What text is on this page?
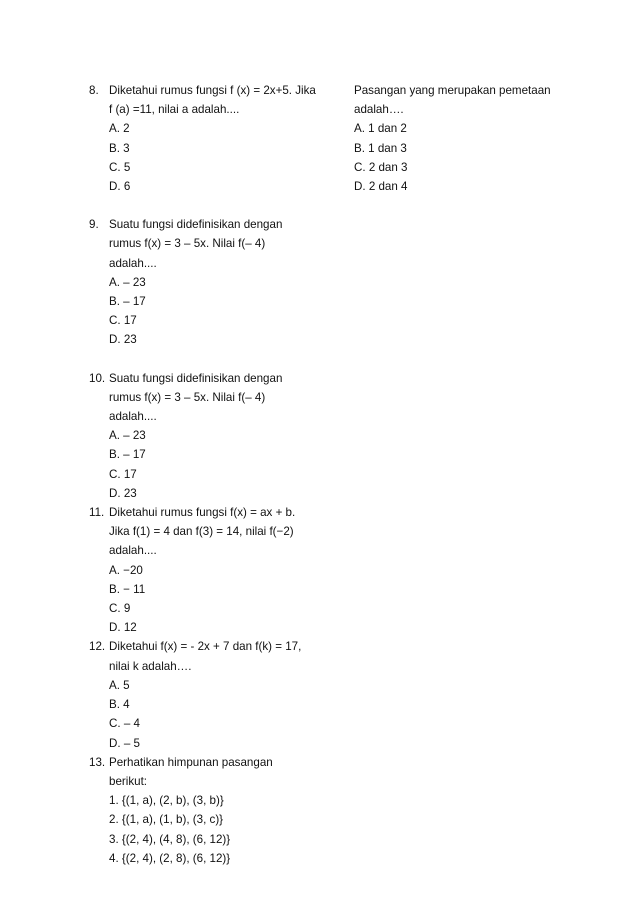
8. Diketahui rumus fungsi f (x) = 2x+5. Jika

f (a) =11, nilai a adalah....

A. 2

B. 3

C. 5

D. 6

9. Suatu fungsi didefinisikan dengan

rumus f(x) = 3 – 5x. Nilai f(– 4)

adalah....

A. – 23

B. – 17

C. 17

D. 23

10. Suatu fungsi didefinisikan dengan

rumus f(x) = 3 – 5x. Nilai f(– 4)

adalah....

A. – 23

B. – 17

C. 17

D. 23

11. Diketahui rumus fungsi f(x) = ax + b.

Jika f(1) = 4 dan f(3) = 14, nilai f(−2)

adalah....

A. −20

B. − 11

C. 9

D. 12

12. Diketahui f(x) = - 2x + 7 dan f(k) = 17,

nilai k adalah….

A. 5

B. 4

C. – 4

D. – 5

13. Perhatikan himpunan pasangan

berikut:

1. {(1, a), (2, b), (3, b)}

2. {(1, a), (1, b), (3, c)}

3. {(2, 4), (4, 8), (6, 12)}

4. {(2, 4), (2, 8), (6, 12)}

Pasangan yang merupakan pemetaan

adalah….

A. 1 dan 2

B. 1 dan 3

C. 2 dan 3

D. 2 dan 4
